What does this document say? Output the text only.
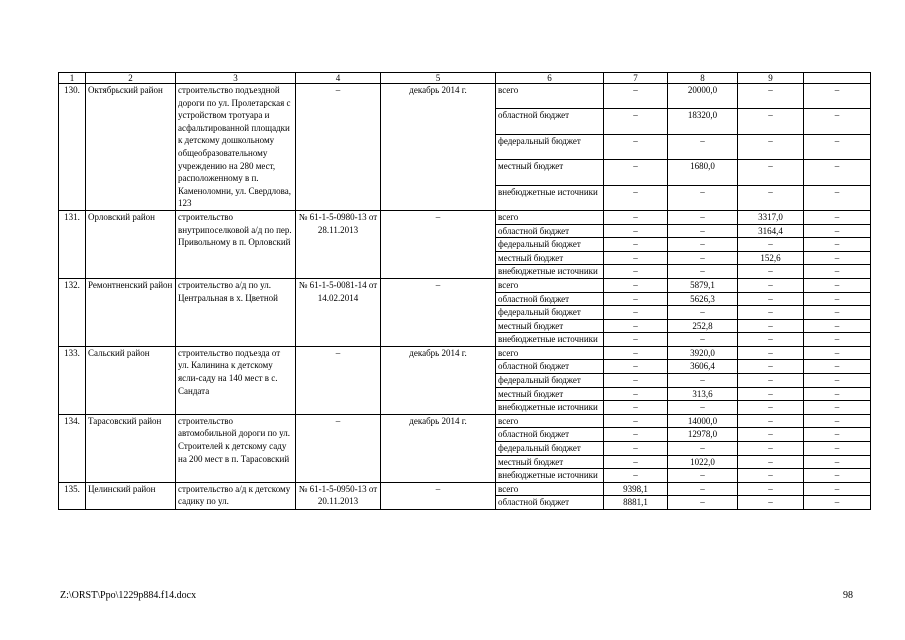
1	2	3	4	5	6	7	8	9	
130.	Октябрьский район	строительство подъездной дороги по ул. Пролетарская с устройством тротуара и асфальтированной площадки к детскому дошкольному общеобразовательному учреждению на 280 мест, расположенному в п. Каменоломни, ул. Свердлова, 123	–	декабрь 2014 г.	всего	–	20000,0	–	–
					областной бюджет	–	18320,0	–	–
					федеральный бюджет	–	–	–	–
					местный бюджет	–	1680,0	–	–
					внебюджетные источники	–	–	–	–
131.	Орловский район	строительство внутрипоселковой а/д по пер. Привольному в п. Орловский	№ 61-1-5-0980-13 от 28.11.2013	–	всего	–	–	3317,0	–
					областной бюджет	–	–	3164,4	–
					федеральный бюджет	–	–	–	–
					местный бюджет	–	–	152,6	–
					внебюджетные источники	–	–	–	–
132.	Ремонтненский район	строительство а/д по ул. Центральная в х. Цветной	№ 61-1-5-0081-14 от 14.02.2014	–	всего	–	5879,1	–	–
					областной бюджет	–	5626,3	–	–
					федеральный бюджет	–	–	–	–
					местный бюджет	–	252,8	–	–
					внебюджетные источники	–	–	–	–
133.	Сальский район	строительство подъезда от ул. Калинина к детскому ясли-саду на 140 мест в с. Сандата	–	декабрь 2014 г.	всего	–	3920,0	–	–
					областной бюджет	–	3606,4	–	–
					федеральный бюджет	–	–	–	–
					местный бюджет	–	313,6	–	–
					внебюджетные источники	–	–	–	–
134.	Тарасовский район	строительство автомобильной дороги по ул. Строителей к детскому саду на 200 мест в п. Тарасовский	–	декабрь 2014 г.	всего	–	14000,0	–	–
					областной бюджет	–	12978,0	–	–
					федеральный бюджет	–	–	–	–
					местный бюджет	–	1022,0	–	–
					внебюджетные источники	–	–	–	–
135.	Целинский район	строительство а/д к детскому садику по ул.	№ 61-1-5-0950-13 от 20.11.2013	–	всего	9398,1	–	–	–
					областной бюджет	8881,1	–	–	–
Z:\ORST\Ppo\1229p884.f14.docx	98
